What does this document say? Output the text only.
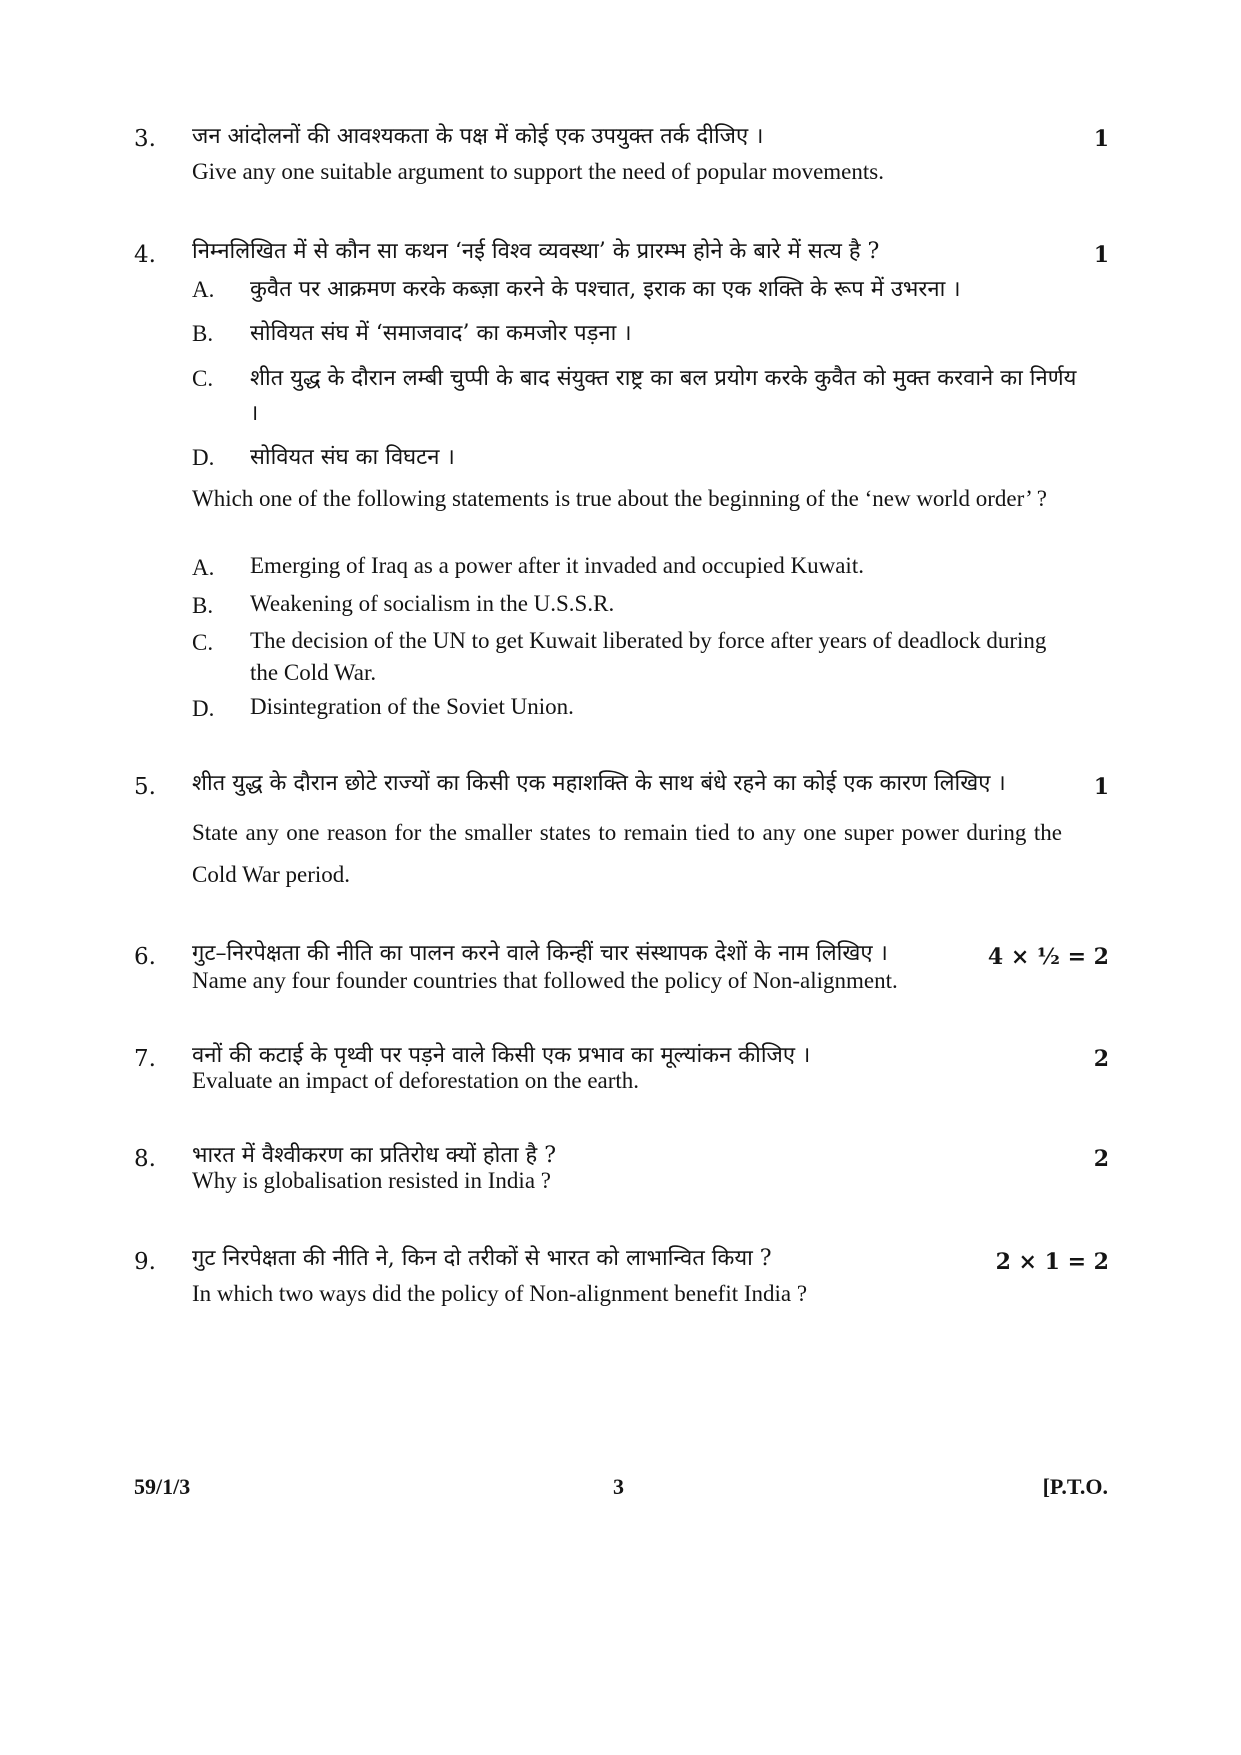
3. जन आंदोलनों की आवश्यकता के पक्ष में कोई एक उपयुक्त तर्क दीजिए ।	1
Give any one suitable argument to support the need of popular movements.
4. निम्नलिखित में से कौन सा कथन ‘नई विश्व व्यवस्था’ के प्रारम्भ होने के बारे में सत्य है ?	1
A. कुवैत पर आक्रमण करके कब्ज़ा करने के पश्चात, इराक का एक शक्ति के रूप में उभरना ।
B. सोवियत संघ में ‘समाजवाद’ का कमजोर पड़ना ।
C. शीत युद्ध के दौरान लम्बी चुप्पी के बाद संयुक्त राष्ट्र का बल प्रयोग करके कुवैत को मुक्त करवाने का निर्णय ।
D. सोवियत संघ का विघटन ।
Which one of the following statements is true about the beginning of the ‘new world order’ ?
A. Emerging of Iraq as a power after it invaded and occupied Kuwait.
B. Weakening of socialism in the U.S.S.R.
C. The decision of the UN to get Kuwait liberated by force after years of deadlock during the Cold War.
D. Disintegration of the Soviet Union.
5. शीत युद्ध के दौरान छोटे राज्यों का किसी एक महाशक्ति के साथ बंधे रहने का कोई एक कारण लिखिए ।	1
State any one reason for the smaller states to remain tied to any one super power during the Cold War period.
6. गुट–निरपेक्षता की नीति का पालन करने वाले किन्हीं चार संस्थापक देशों के नाम लिखिए ।	4 × ½ = 2
Name any four founder countries that followed the policy of Non-alignment.
7. वनों की कटाई के पृथ्वी पर पड़ने वाले किसी एक प्रभाव का मूल्यांकन कीजिए ।	2
Evaluate an impact of deforestation on the earth.
8. भारत में वैश्वीकरण का प्रतिरोध क्यों होता है ?	2
Why is globalisation resisted in India ?
9. गुट निरपेक्षता की नीति ने, किन दो तरीकों से भारत को लाभान्वित किया ?	2 × 1 = 2
In which two ways did the policy of Non-alignment benefit India ?
59/1/3	3	[P.T.O.
